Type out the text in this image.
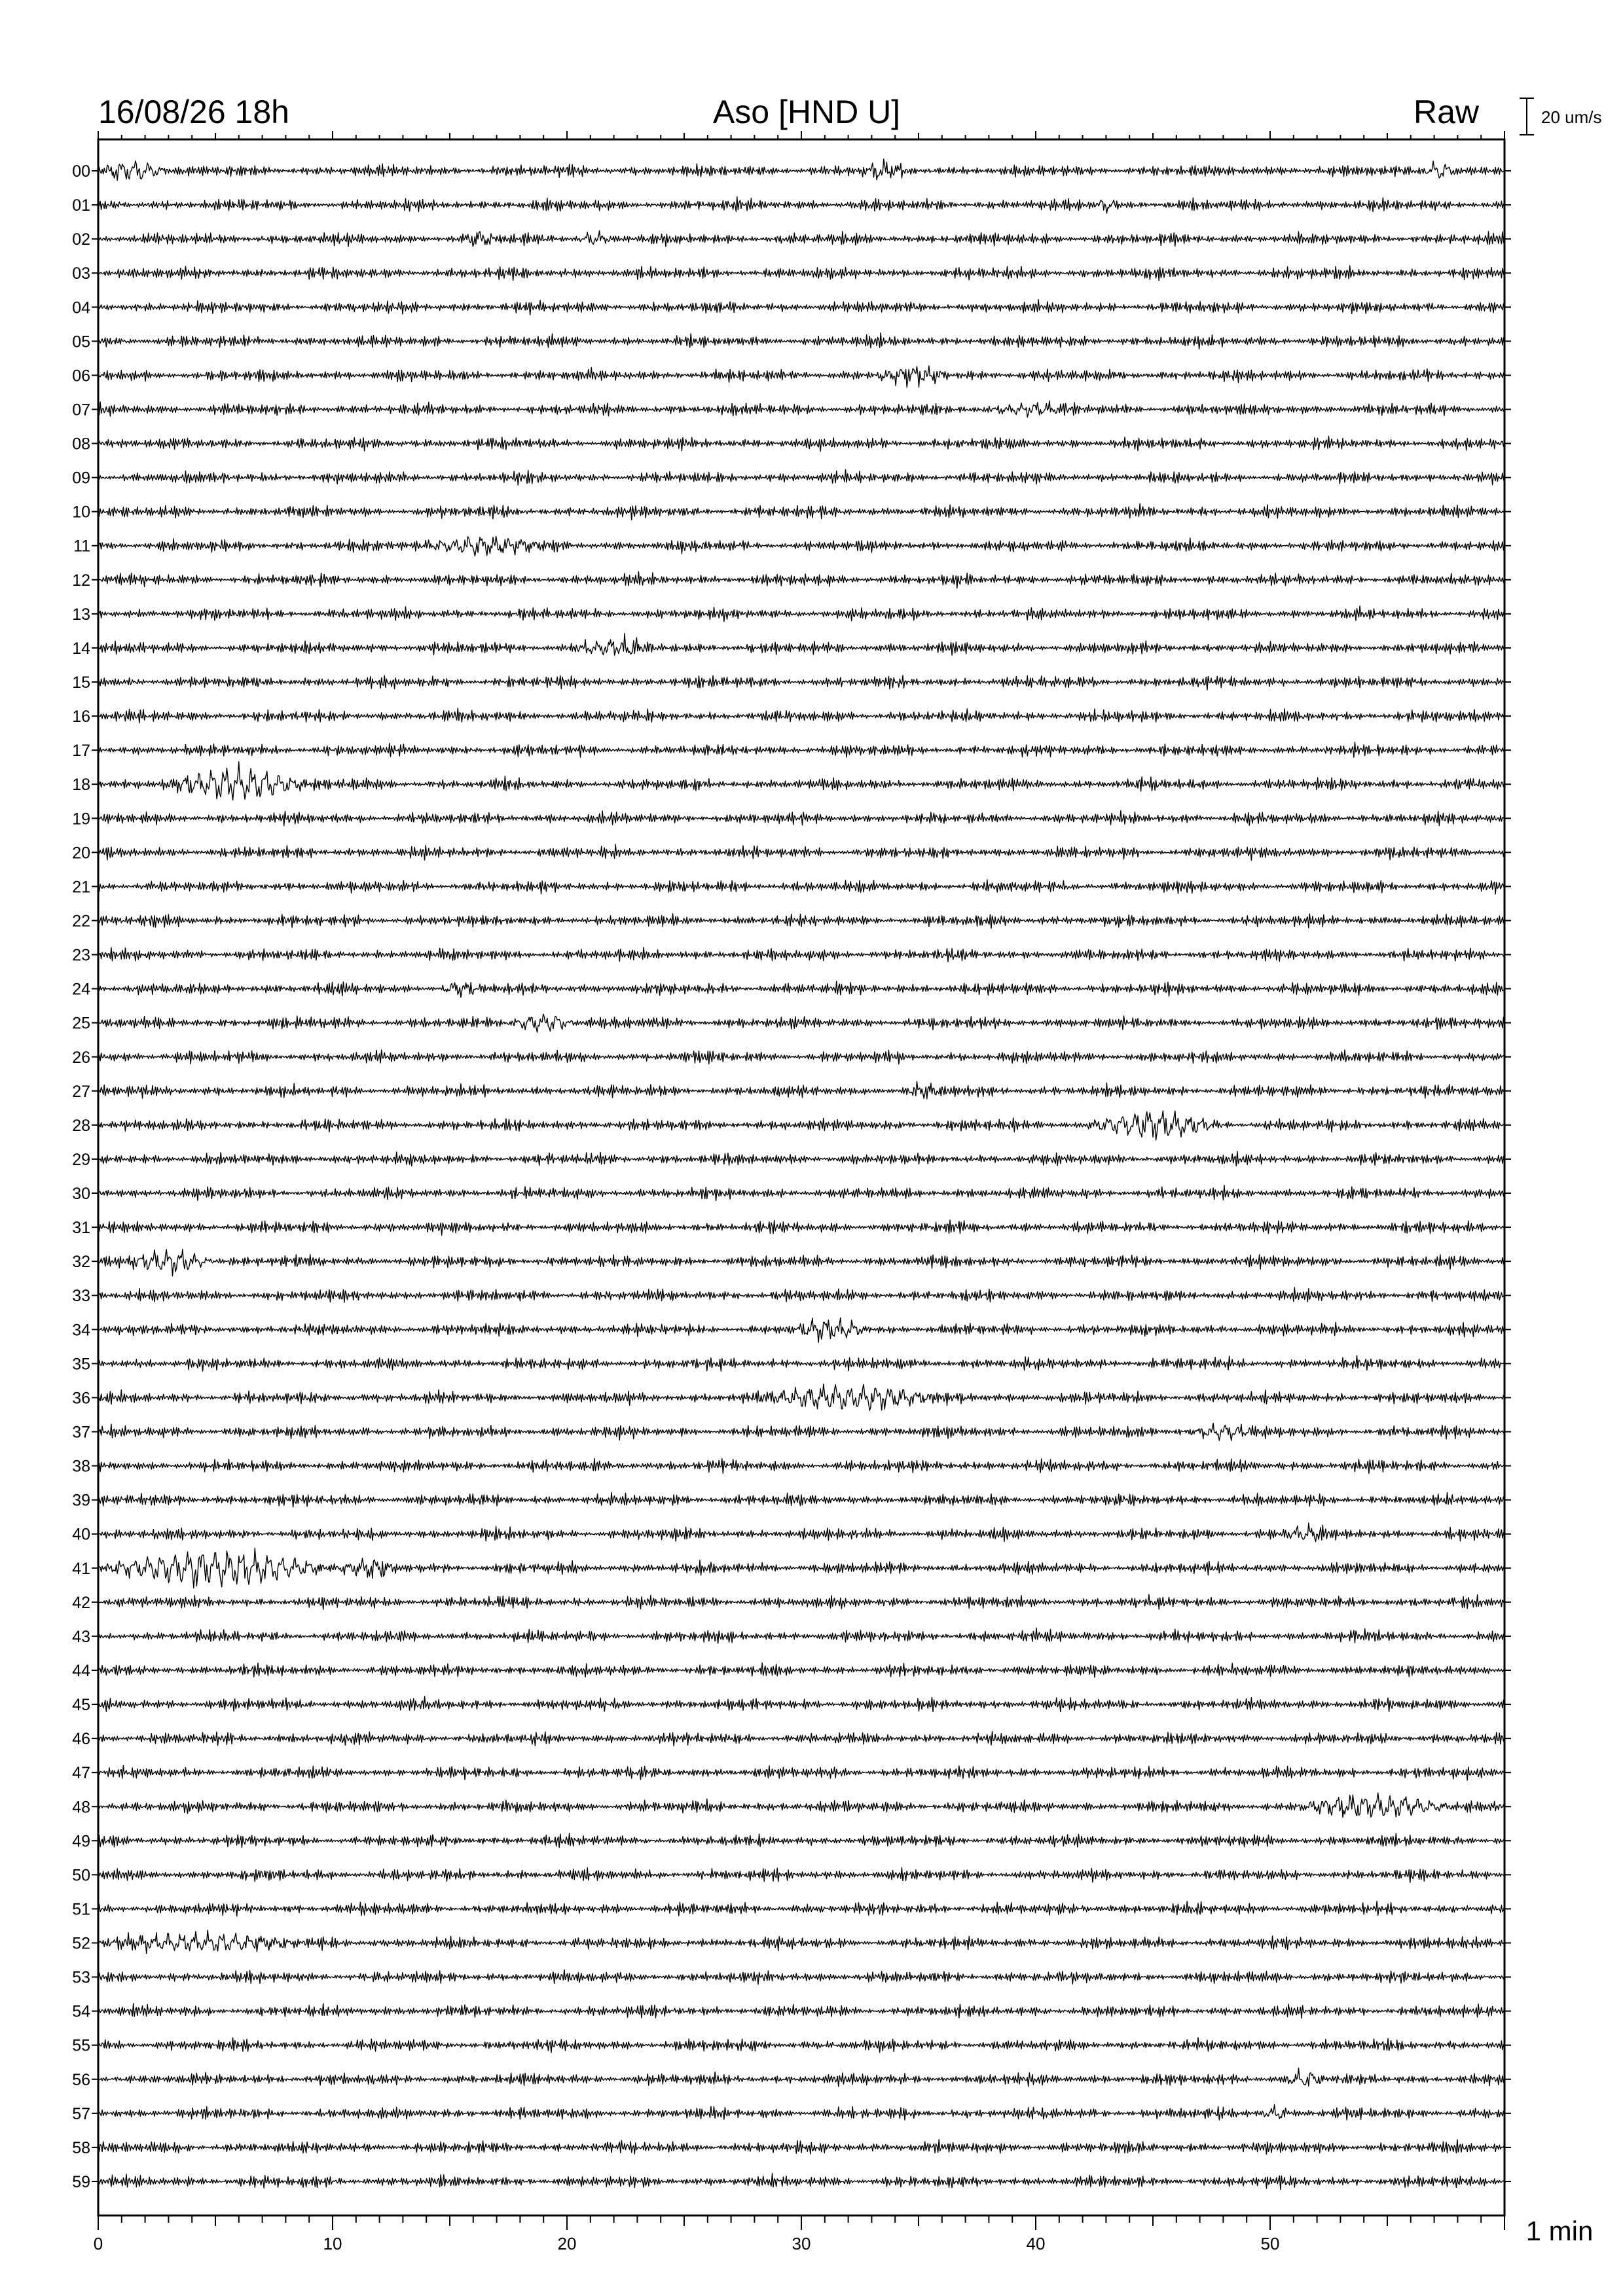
16/08/26 18h	Aso [HND U]	Raw
0	10	20	30	40	50	1 min
20 um/s
00
01
02
03
04
05
06
07
08
09
10
11
12
13
14
15
16
17
18
19
20
21
22
23
24
25
26
27
28
29
30
31
32
33
34
35
36
37
38
39
40
41
42
43
44
45
46
47
48
49
50
51
52
53
54
55
56
57
58
59
